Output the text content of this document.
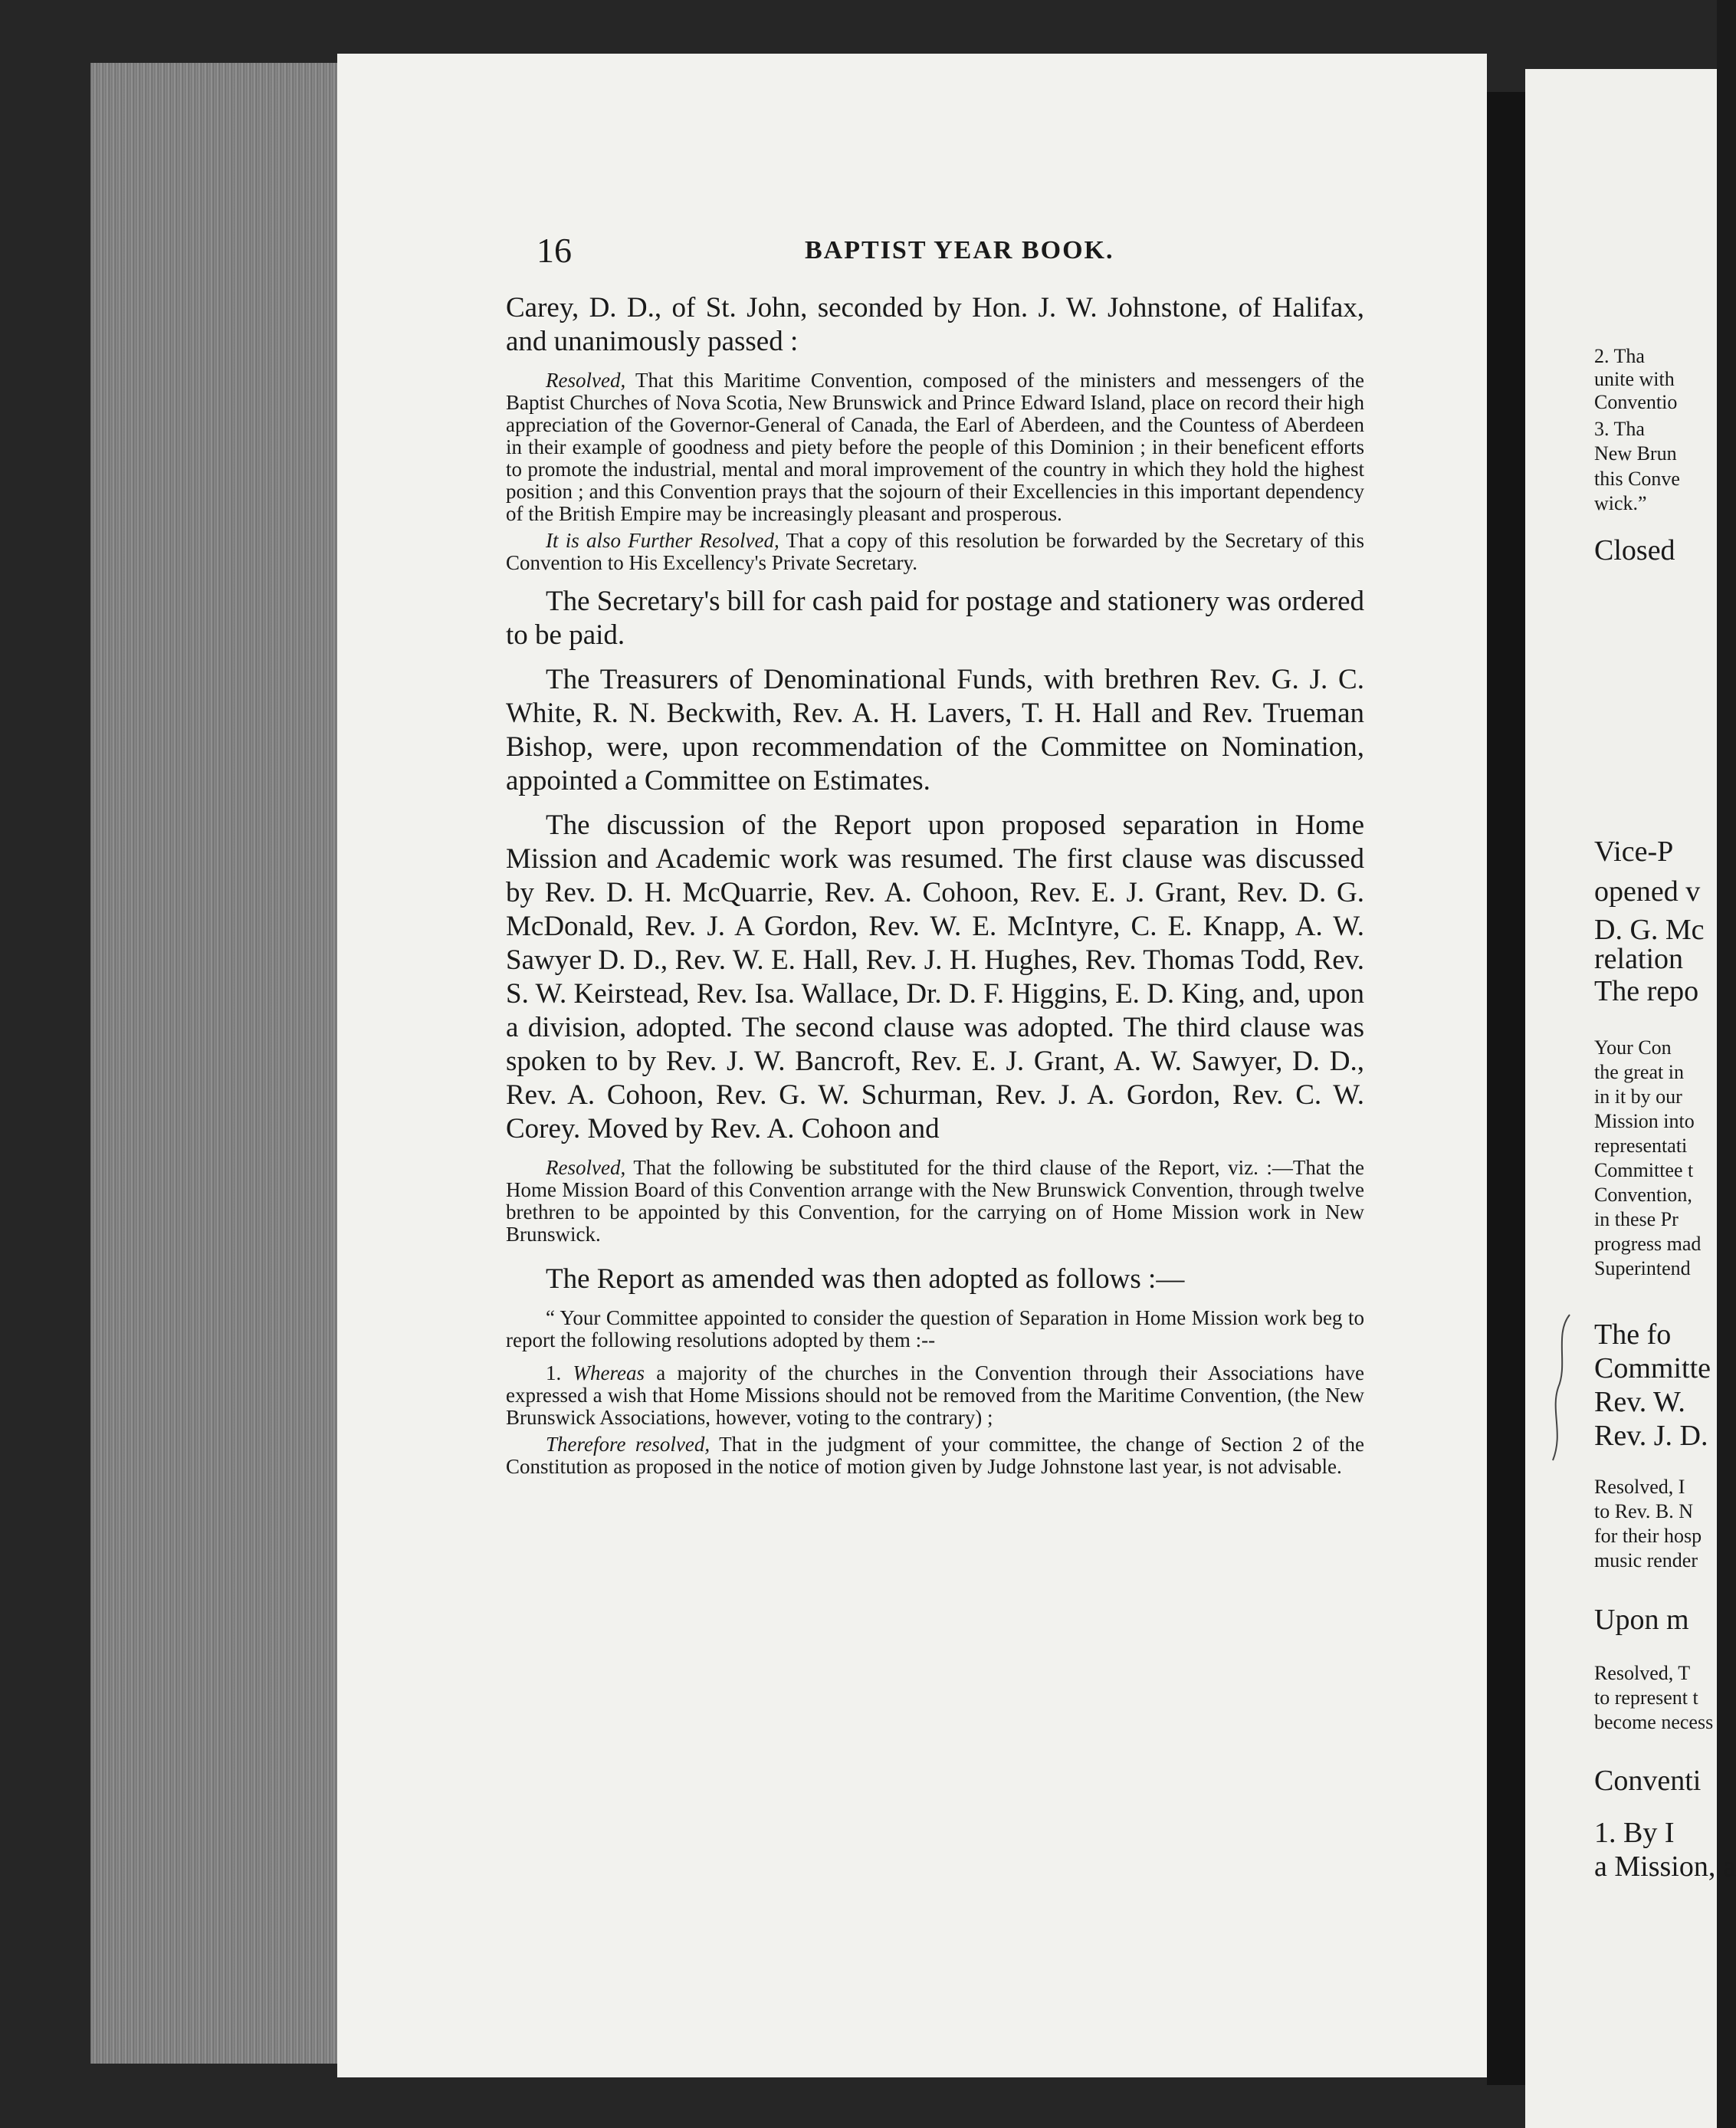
16	BAPTIST YEAR BOOK.

Carey, D. D., of St. John, seconded by Hon. J. W. Johnstone, of Halifax, and unanimously passed :

Resolved, That this Maritime Convention, composed of the ministers and messengers of the Baptist Churches of Nova Scotia, New Brunswick and Prince Edward Island, place on record their high appreciation of the Governor-General of Canada, the Earl of Aberdeen, and the Countess of Aberdeen in their example of goodness and piety before the people of this Dominion ; in their beneficent efforts to promote the industrial, mental and moral improvement of the country in which they hold the highest position ; and this Convention prays that the sojourn of their Excellencies in this important dependency of the British Empire may be increasingly pleasant and prosperous.

It is also Further Resolved, That a copy of this resolution be forwarded by the Secretary of this Convention to His Excellency's Private Secretary.

The Secretary's bill for cash paid for postage and stationery was ordered to be paid.

The Treasurers of Denominational Funds, with brethren Rev. G. J. C. White, R. N. Beckwith, Rev. A. H. Lavers, T. H. Hall and Rev. Trueman Bishop, were, upon recommendation of the Committee on Nomination, appointed a Committee on Estimates.

The discussion of the Report upon proposed separation in Home Mission and Academic work was resumed. The first clause was discussed by Rev. D. H. McQuarrie, Rev. A. Cohoon, Rev. E. J. Grant, Rev. D. G. McDonald, Rev. J. A Gordon, Rev. W. E. McIntyre, C. E. Knapp, A. W. Sawyer D. D., Rev. W. E. Hall, Rev. J. H. Hughes, Rev. Thomas Todd, Rev. S. W. Keirstead, Rev. Isa. Wallace, Dr. D. F. Higgins, E. D. King, and, upon a division, adopted. The second clause was adopted. The third clause was spoken to by Rev. J. W. Bancroft, Rev. E. J. Grant, A. W. Sawyer, D. D., Rev. A. Cohoon, Rev. G. W. Schurman, Rev. J. A. Gordon, Rev. C. W. Corey. Moved by Rev. A. Cohoon and

Resolved, That the following be substituted for the third clause of the Report, viz. :—That the Home Mission Board of this Convention arrange with the New Brunswick Convention, through twelve brethren to be appointed by this Convention, for the carrying on of Home Mission work in New Brunswick.

The Report as amended was then adopted as follows :—

“ Your Committee appointed to consider the question of Separation in Home Mission work beg to report the following resolutions adopted by them :--

1. Whereas a majority of the churches in the Convention through their Associations have expressed a wish that Home Missions should not be removed from the Maritime Convention, (the New Brunswick Associations, however, voting to the contrary) ;

Therefore resolved, That in the judgment of your committee, the change of Section 2 of the Constitution as proposed in the notice of motion given by Judge Johnstone last year, is not advisable.

2. Tha
unite with
Conventio
3. Tha
New Brun
this Conve
wick.”
Closed
Vice-P
opened v
D. G. Mc
relation
The repo
Your Con
the great in
in it by our
Mission into
representati
Committee t
Convention,
in these Pr
progress mad
Superintend
The fo
Committe
Rev. W.
Rev. J. D.
Resolved, I
to Rev. B. N
for their hosp
music render
Upon m
Resolved, T
to represent t
become necess
Conventi
1. By I
a Mission, a
